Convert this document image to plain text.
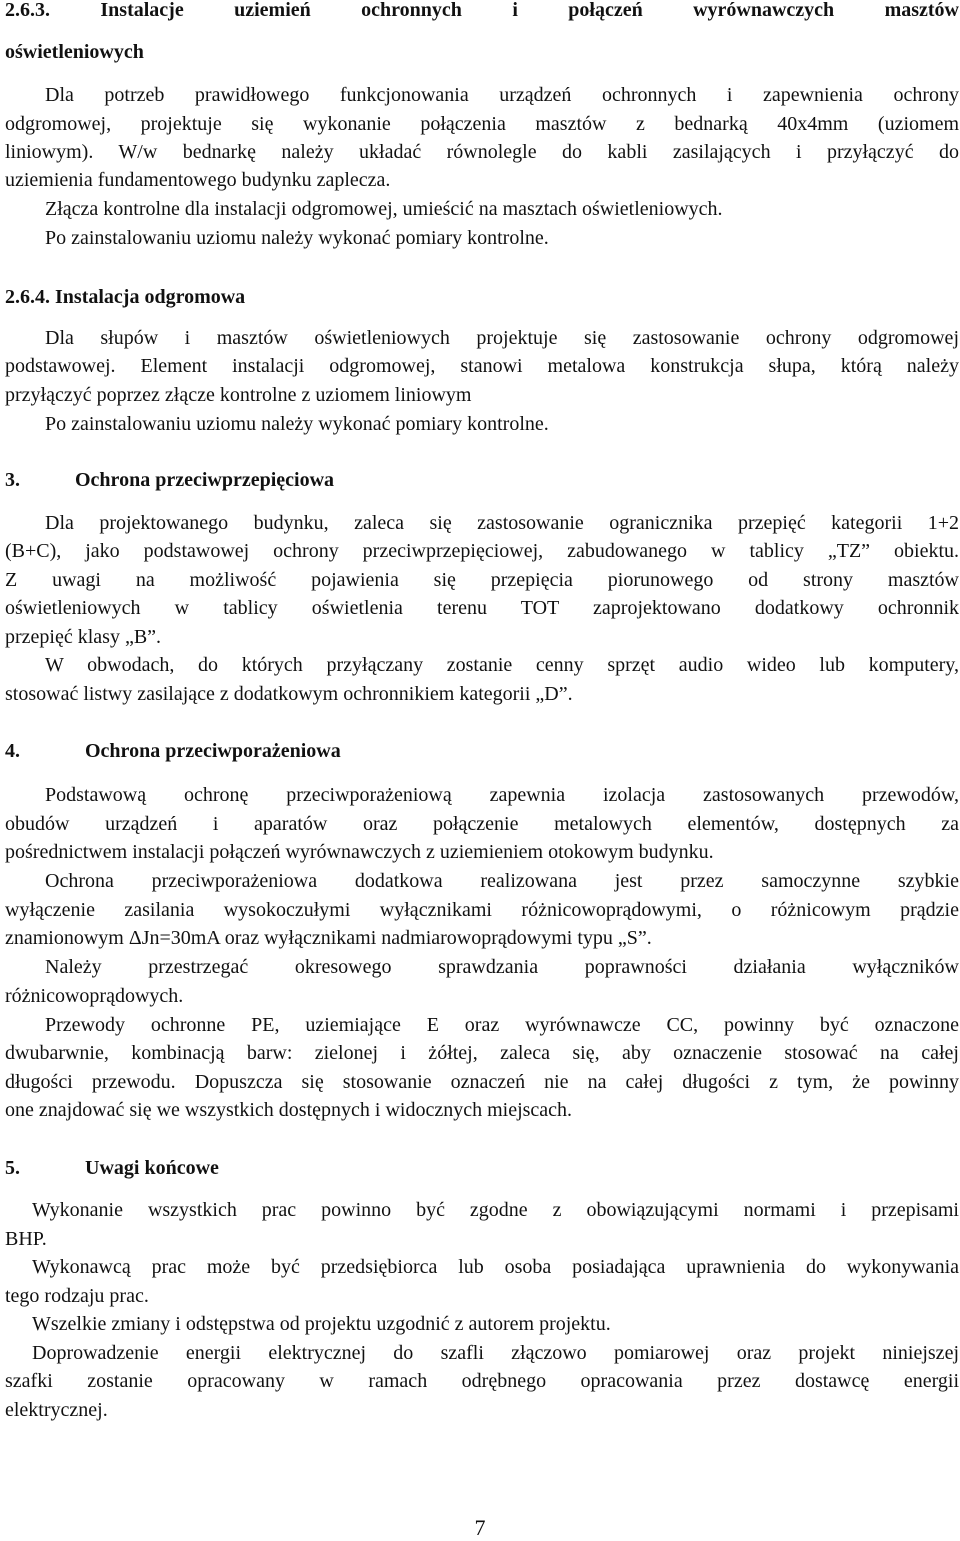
2.6.3. Instalacje uziemień ochronnych i połączeń wyrównawczych masztów
oświetleniowych
Dla potrzeb prawidłowego funkcjonowania urządzeń ochronnych i zapewnienia ochrony
odgromowej, projektuje się wykonanie połączenia masztów z bednarką 40x4mm (uziomem
liniowym). W/w bednarkę należy układać równolegle do kabli zasilających i przyłączyć do
uziemienia fundamentowego budynku zaplecza.
Złącza kontrolne dla instalacji odgromowej, umieścić na masztach oświetleniowych.
Po zainstalowaniu uziomu należy wykonać pomiary kontrolne.
2.6.4. Instalacja odgromowa
Dla słupów i masztów oświetleniowych projektuje się zastosowanie ochrony odgromowej
podstawowej. Element instalacji odgromowej, stanowi metalowa konstrukcja słupa, którą należy
przyłączyć poprzez złącze kontrolne z uziomem liniowym
Po zainstalowaniu uziomu należy wykonać pomiary kontrolne.
3.	Ochrona przeciwprzepięciowa
Dla projektowanego budynku, zaleca się zastosowanie ogranicznika przepięć kategorii 1+2
(B+C), jako podstawowej ochrony przeciwprzepięciowej, zabudowanego w tablicy „TZ” obiektu.
Z uwagi na możliwość pojawienia się przepięcia piorunowego od strony masztów
oświetleniowych w tablicy oświetlenia terenu TOT zaprojektowano dodatkowy ochronnik
przepięć klasy „B”.
W obwodach, do których przyłączany zostanie cenny sprzęt audio wideo lub komputery,
stosować listwy zasilające z dodatkowym ochronnikiem kategorii „D”.
4.	Ochrona przeciwporażeniowa
Podstawową ochronę przeciwporażeniową zapewnia izolacja zastosowanych przewodów,
obudów urządzeń i aparatów oraz połączenie metalowych elementów, dostępnych za
pośrednictwem instalacji połączeń wyrównawczych z uziemieniem otokowym budynku.
Ochrona przeciwporażeniowa dodatkowa realizowana jest przez samoczynne szybkie
wyłączenie zasilania wysokoczułymi wyłącznikami różnicowoprądowymi, o różnicowym prądzie
znamionowym ΔJn=30mA oraz wyłącznikami nadmiarowoprądowymi typu „S”.
Należy przestrzegać okresowego sprawdzania poprawności działania wyłączników
różnicowoprądowych.
Przewody ochronne PE, uziemiające E oraz wyrównawcze CC, powinny być oznaczone
dwubarwnie, kombinacją barw: zielonej i żółtej, zaleca się, aby oznaczenie stosować na całej
długości przewodu. Dopuszcza się stosowanie oznaczeń nie na całej długości z tym, że powinny
one znajdować się we wszystkich dostępnych i widocznych miejscach.
5.	Uwagi końcowe
Wykonanie wszystkich prac powinno być zgodne z obowiązującymi normami i przepisami
BHP.
Wykonawcą prac może być przedsiębiorca lub osoba posiadająca uprawnienia do wykonywania
tego rodzaju prac.
Wszelkie zmiany i odstępstwa od projektu uzgodnić z autorem projektu.
Doprowadzenie energii elektrycznej do szafli złączowo pomiarowej oraz projekt niniejszej
szafki zostanie opracowany w ramach odrębnego opracowania przez dostawcę energii
elektrycznej.
7
